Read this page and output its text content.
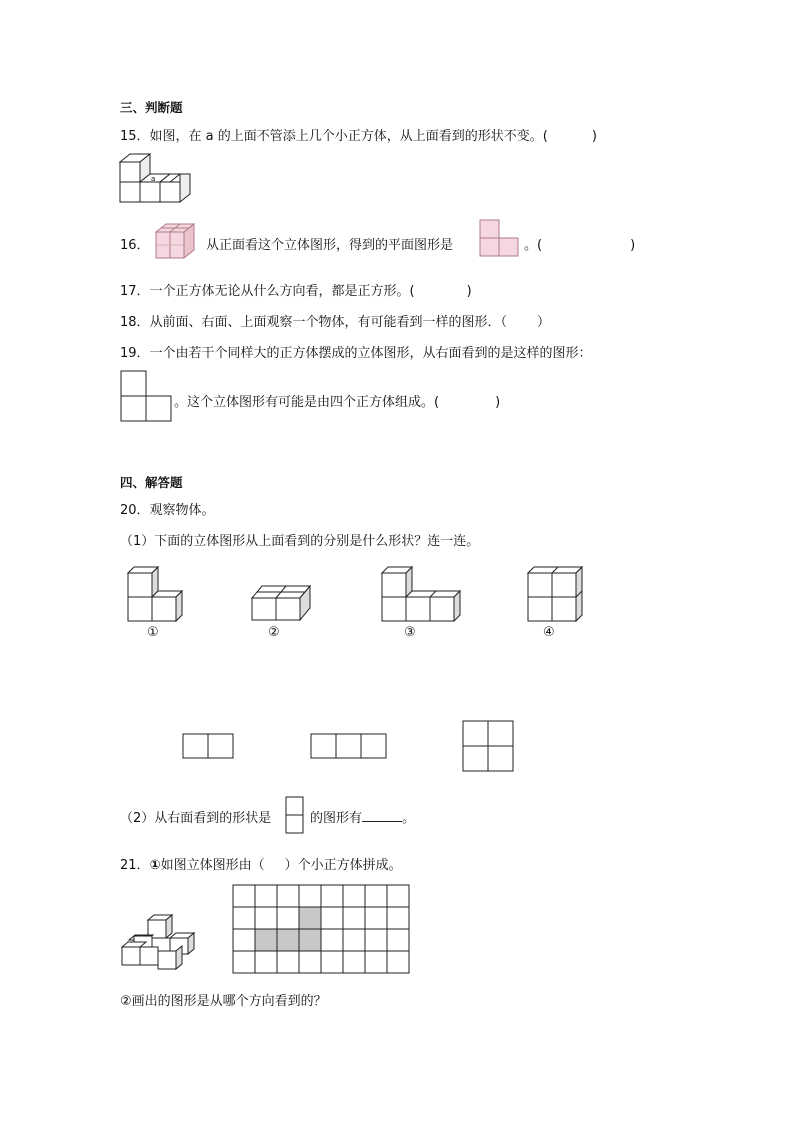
三、判断题
15．如图，在 a 的上面不管添上几个小正方体，从上面看到的形状不变。(	)
a
16．	从正面看这个立体图形，得到的平面图形是	。(	)
17．一个正方体无论从什么方向看，都是正方形。(	)
18．从前面、右面、上面观察一个物体，有可能看到一样的图形．（ ）
19．一个由若干个同样大的正方体摆成的立体图形，从右面看到的是这样的图形：
。这个立体图形有可能是由四个正方体组成。(	)
四、解答题
20．观察物体。
（1）下面的立体图形从上面看到的分别是什么形状？连一连。
①	②	③	④
（2）从右面看到的形状是	的图形有	。
21．①如图立体图形由（ ）个小正方体拼成。
②画出的图形是从哪个方向看到的？
